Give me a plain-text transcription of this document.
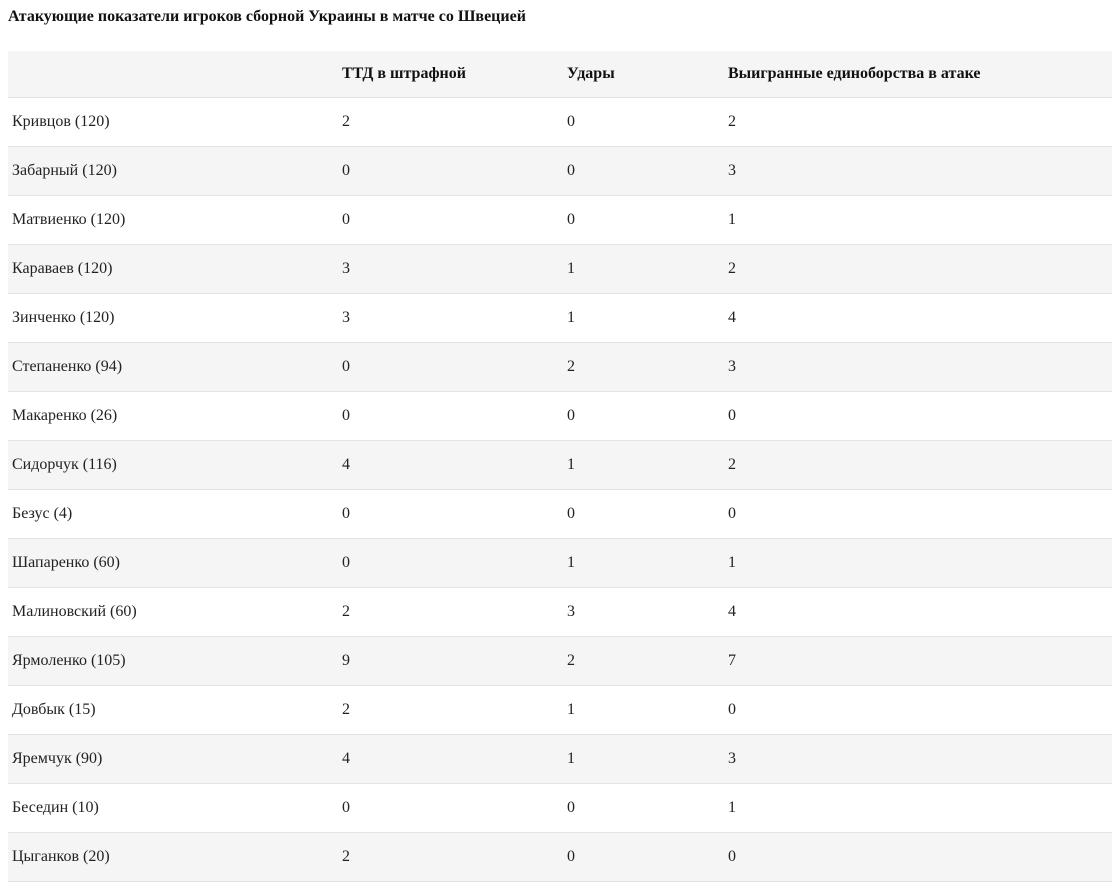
Атакующие показатели игроков сборной Украины в матче со Швецией
	ТТД в штрафной	Удары	Выигранные единоборства в атаке
Кривцов (120)	2	0	2
Забарный (120)	0	0	3
Матвиенко (120)	0	0	1
Караваев (120)	3	1	2
Зинченко (120)	3	1	4
Степаненко (94)	0	2	3
Макаренко (26)	0	0	0
Сидорчук (116)	4	1	2
Безус (4)	0	0	0
Шапаренко (60)	0	1	1
Малиновский (60)	2	3	4
Ярмоленко (105)	9	2	7
Довбык (15)	2	1	0
Яремчук (90)	4	1	3
Беседин (10)	0	0	1
Цыганков (20)	2	0	0
